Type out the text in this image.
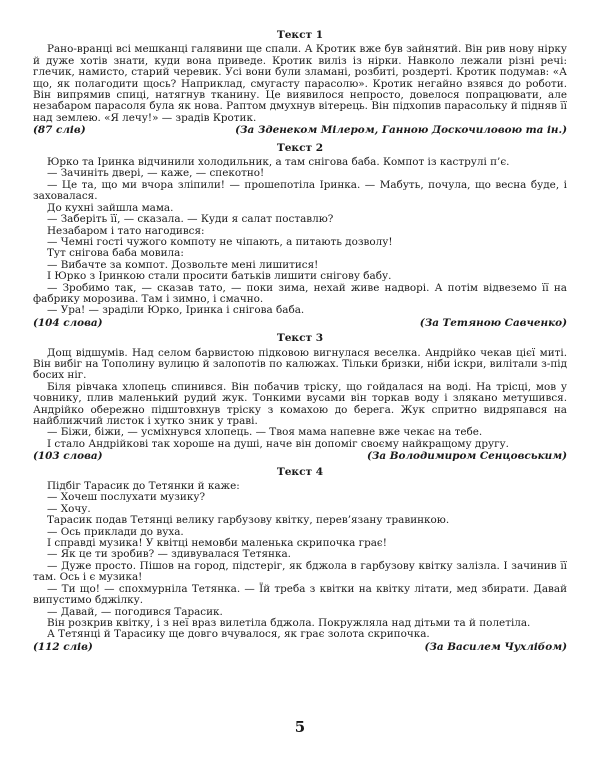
Текст 1

Рано-вранці всі мешканці галявини ще спали. А Кротик вже був зайнятий. Він рив нову нірку й дуже хотів знати, куди вона приведе. Кротик виліз із нірки. Навколо лежали різні речі: глечик, намисто, старий черевик. Усі вони були зламані, розбиті, роздерті. Кротик подумав: «А що, як полагодити щось? Наприклад, смугасту парасолю». Кротик негайно взявся до роботи. Він випрямив спиці, натягнув тканину. Це виявилося непросто, довелося попрацювати, але незабаром парасоля була як нова. Раптом дмухнув вітерець. Він підхопив парасольку й підняв її над землею. «Я лечу!» — зрадів Кротик.

(87 слів)	(За Зденеком Мілером, Ганною Доскочиловою та ін.)
Текст 2

Юрко та Іринка відчинили холодильник, а там снігова баба. Компот із каструлі п’є.

— Зачиніть двері, — каже, — спекотно!

— Це та, що ми вчора зліпили! — прошепотіла Іринка. — Мабуть, почула, що весна буде, і заховалася.

До кухні зайшла мама.

— Заберіть її, — сказала. — Куди я салат поставлю?

Незабаром і тато нагодився:

— Чемні гості чужого компоту не чіпають, а питають дозволу!

Тут снігова баба мовила:

— Вибачте за компот. Дозвольте мені лишитися!

І Юрко з Іринкою стали просити батьків лишити снігову бабу.

— Зробимо так, — сказав тато, — поки зима, нехай живе надворі. А потім відвеземо її на фабрику морозива. Там і зимно, і смачно.

— Ура! — зраділи Юрко, Іринка і снігова баба.

(104 слова)	(За Тетяною Савченко)
Текст 3

Дощ відшумів. Над селом барвистою підковою вигнулася веселка. Андрійко чекав цієї миті. Він вибіг на Тополину вулицю й залопотів по калюжах. Тільки бризки, ніби іскри, вилітали з-під босих ніг.

Біля рівчака хлопець спинився. Він побачив тріску, що гойдалася на воді. На трісці, мов у човнику, плив маленький рудий жук. Тонкими вусами він торкав воду і злякано метушився. Андрійко обережно підштовхнув тріску з комахою до берега. Жук спритно видряпався на найближчий листок і хутко зник у траві.

— Біжи, біжи, — усміхнувся хлопець. — Твоя мама напевне вже чекає на тебе.

І стало Андрійкові так хороше на душі, наче він допоміг своєму найкращому другу.

(103 слова)	(За Володимиром Сенцовським)
Текст 4

Підбіг Тарасик до Тетянки й каже:

— Хочеш послухати музику?

— Хочу.

Тарасик подав Тетянці велику гарбузову квітку, перев’язану травинкою.

— Ось приклади до вуха.

І справді музика! У квітці немовби маленька скрипочка грає!

— Як це ти зробив? — здивувалася Тетянка.

— Дуже просто. Пішов на город, підстеріг, як бджола в гарбузову квітку залізла. І зачинив її там. Ось і є музика!

— Ти що! — спохмурніла Тетянка. — Їй треба з квітки на квітку літати, мед збирати. Давай випустимо бджілку.

— Давай, — погодився Тарасик.

Він розкрив квітку, і з неї враз вилетіла бджола. Покружляла над дітьми та й полетіла.

А Тетянці й Тарасику ще довго вчувалося, як грає золота скрипочка.

(112 слів)	(За Василем Чухлібом)
5
